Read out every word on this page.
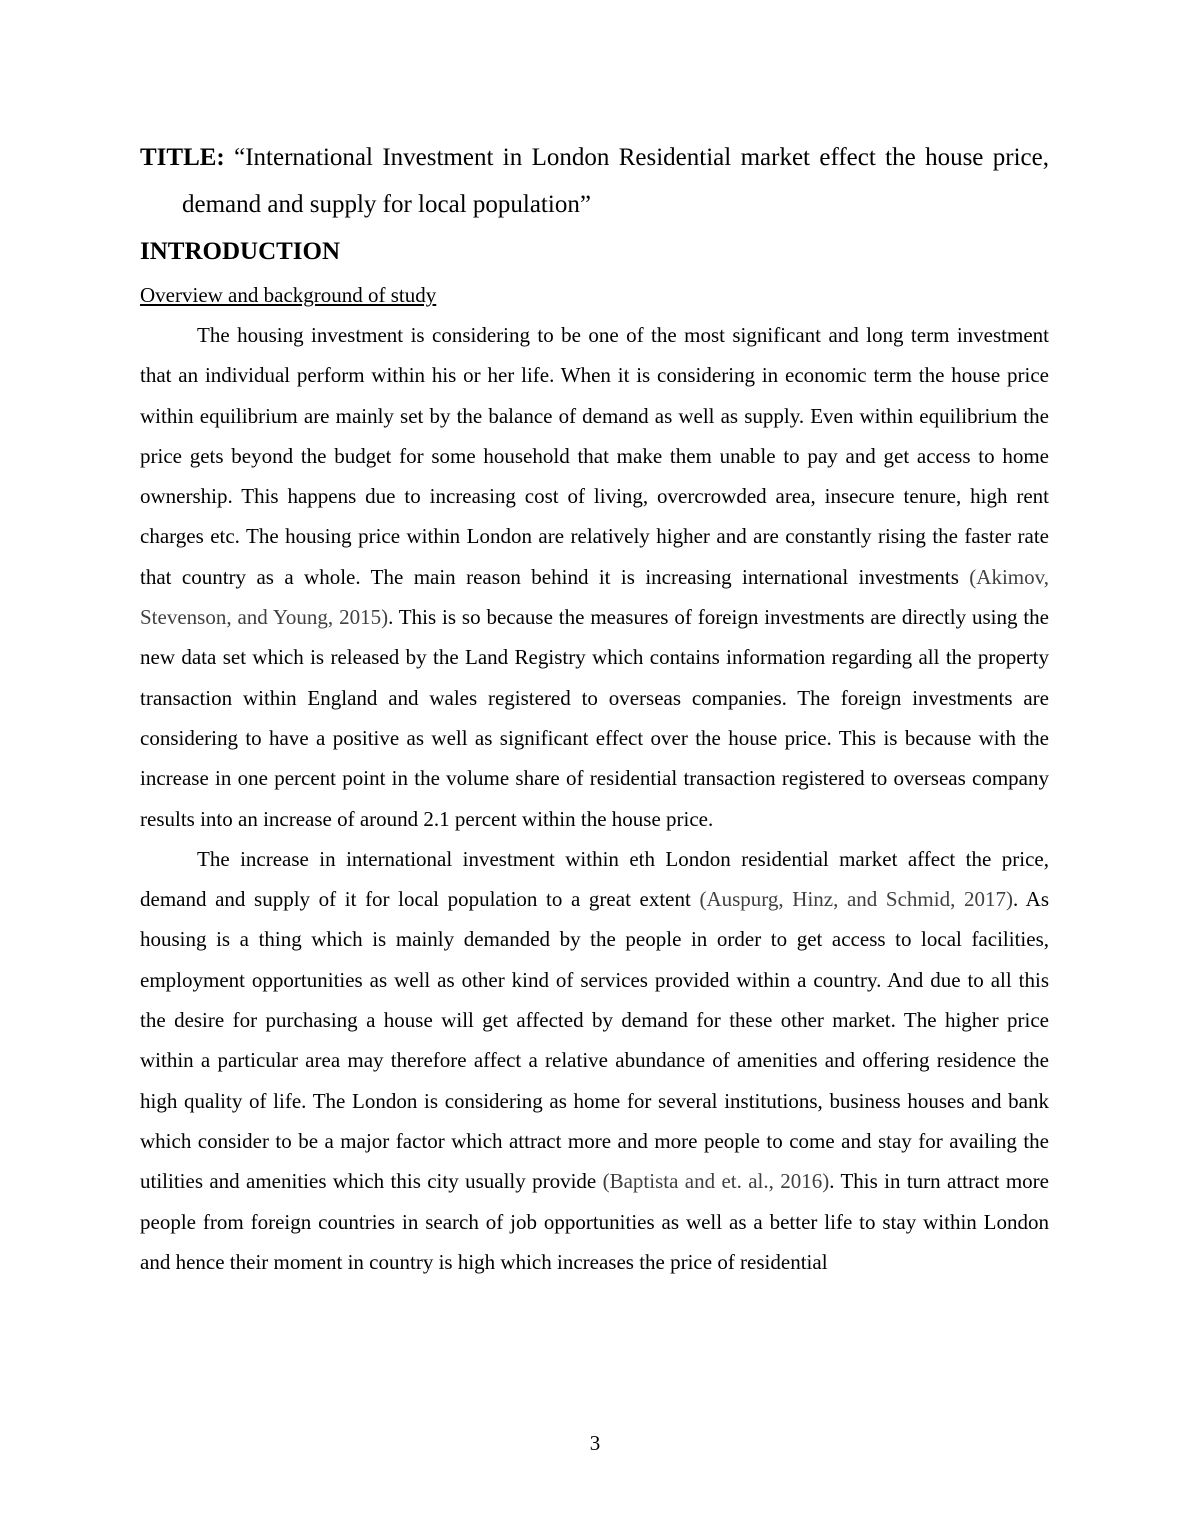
TITLE: “International Investment in London Residential market effect the house price, demand and supply for local population”

INTRODUCTION

Overview and background of study

The housing investment is considering to be one of the most significant and long term investment that an individual perform within his or her life. When it is considering in economic term the house price within equilibrium are mainly set by the balance of demand as well as supply. Even within equilibrium the price gets beyond the budget for some household that make them unable to pay and get access to home ownership. This happens due to increasing cost of living, overcrowded area, insecure tenure, high rent charges etc. The housing price within London are relatively higher and are constantly rising the faster rate that country as a whole. The main reason behind it is increasing international investments (Akimov, Stevenson, and Young, 2015). This is so because the measures of foreign investments are directly using the new data set which is released by the Land Registry which contains information regarding all the property transaction within England and wales registered to overseas companies. The foreign investments are considering to have a positive as well as significant effect over the house price. This is because with the increase in one percent point in the volume share of residential transaction registered to overseas company results into an increase of around 2.1 percent within the house price.

The increase in international investment within eth London residential market affect the price, demand and supply of it for local population to a great extent (Auspurg, Hinz, and Schmid, 2017). As housing is a thing which is mainly demanded by the people in order to get access to local facilities, employment opportunities as well as other kind of services provided within a country. And due to all this the desire for purchasing a house will get affected by demand for these other market. The higher price within a particular area may therefore affect a relative abundance of amenities and offering residence the high quality of life. The London is considering as home for several institutions, business houses and bank which consider to be a major factor which attract more and more people to come and stay for availing the utilities and amenities which this city usually provide (Baptista and et. al., 2016). This in turn attract more people from foreign countries in search of job opportunities as well as a better life to stay within London and hence their moment in country is high which increases the price of residential

3
